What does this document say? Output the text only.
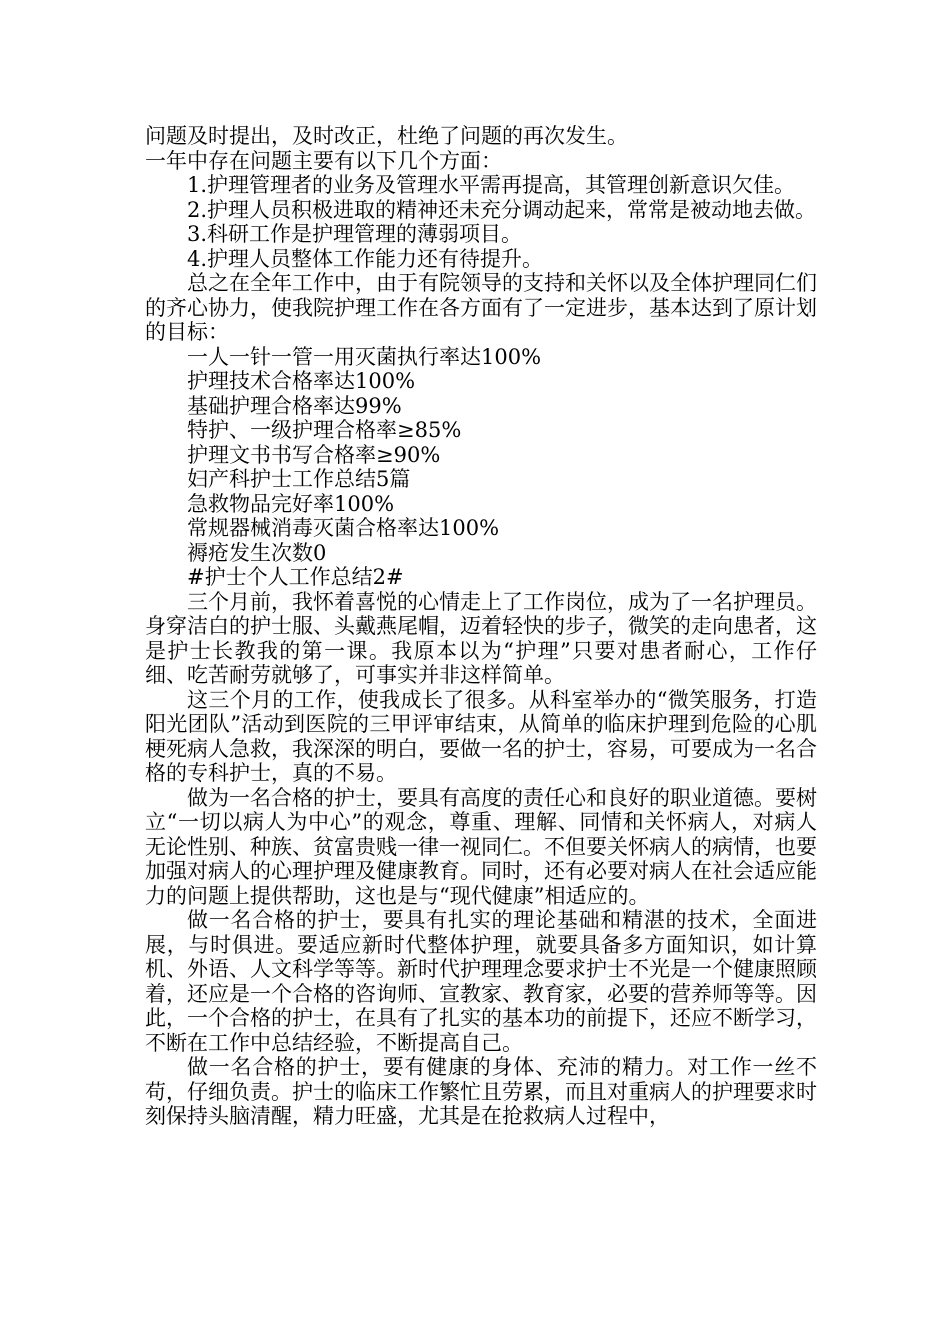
问题及时提出，及时改正，杜绝了问题的再次发生。

一年中存在问题主要有以下几个方面：

1.护理管理者的业务及管理水平需再提高，其管理创新意识欠佳。

2.护理人员积极进取的精神还未充分调动起来，常常是被动地去做。

3.科研工作是护理管理的薄弱项目。

4.护理人员整体工作能力还有待提升。

总之在全年工作中，由于有院领导的支持和关怀以及全体护理同仁们的齐心协力，使我院护理工作在各方面有了一定进步，基本达到了原计划的目标：

一人一针一管一用灭菌执行率达100%

护理技术合格率达100%

基础护理合格率达99%

特护、一级护理合格率≥85%

护理文书书写合格率≥90%

妇产科护士工作总结5篇

急救物品完好率100%

常规器械消毒灭菌合格率达100%

褥疮发生次数0

#护士个人工作总结2#

三个月前，我怀着喜悦的心情走上了工作岗位，成为了一名护理员。身穿洁白的护士服、头戴燕尾帽，迈着轻快的步子，微笑的走向患者，这是护士长教我的第一课。我原本以为“护理”只要对患者耐心，工作仔细、吃苦耐劳就够了，可事实并非这样简单。

这三个月的工作，使我成长了很多。从科室举办的“微笑服务，打造阳光团队”活动到医院的三甲评审结束，从简单的临床护理到危险的心肌梗死病人急救，我深深的明白，要做一名的护士，容易，可要成为一名合格的专科护士，真的不易。

做为一名合格的护士，要具有高度的责任心和良好的职业道德。要树立“一切以病人为中心”的观念，尊重、理解、同情和关怀病人，对病人无论性别、种族、贫富贵贱一律一视同仁。不但要关怀病人的病情，也要加强对病人的心理护理及健康教育。同时，还有必要对病人在社会适应能力的问题上提供帮助，这也是与“现代健康”相适应的。

做一名合格的护士，要具有扎实的理论基础和精湛的技术，全面进展，与时俱进。要适应新时代整体护理，就要具备多方面知识，如计算机、外语、人文科学等等。新时代护理理念要求护士不光是一个健康照顾着，还应是一个合格的咨询师、宣教家、教育家，必要的营养师等等。因此，一个合格的护士，在具有了扎实的基本功的前提下，还应不断学习，不断在工作中总结经验，不断提高自己。

做一名合格的护士，要有健康的身体、充沛的精力。对工作一丝不苟，仔细负责。护士的临床工作繁忙且劳累，而且对重病人的护理要求时刻保持头脑清醒，精力旺盛，尤其是在抢救病人过程中，
